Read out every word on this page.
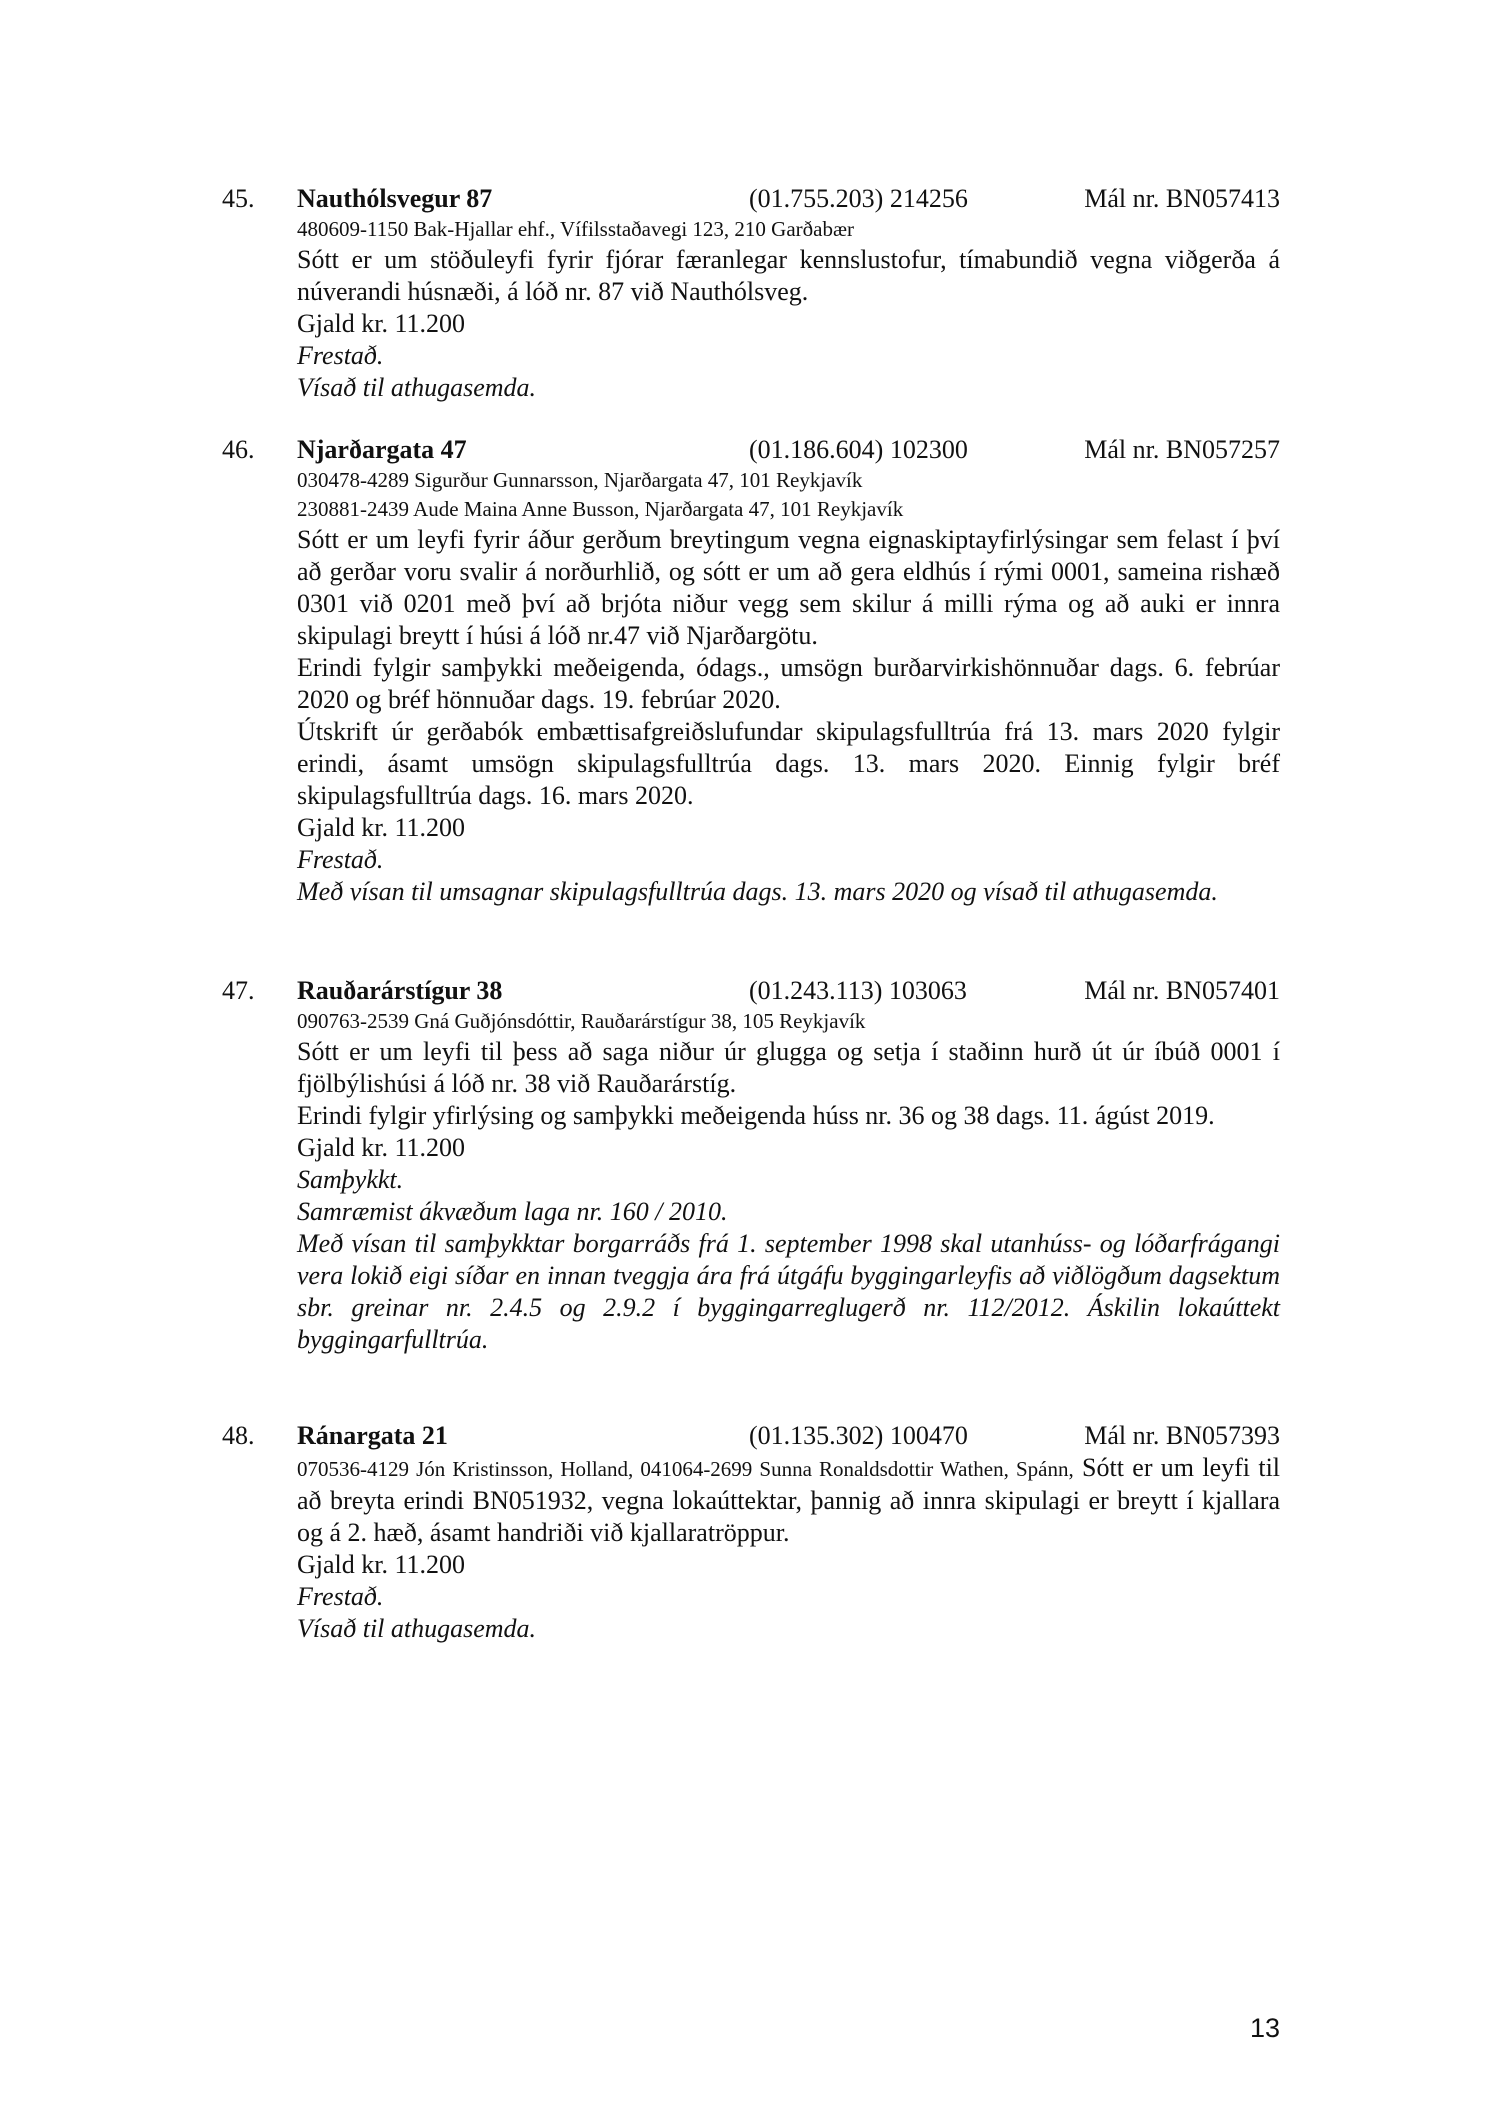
45. Nauthólsvegur 87	(01.755.203) 214256	Mál nr. BN057413
480609-1150 Bak-Hjallar ehf., Vífilsstaðavegi 123, 210 Garðabær
Sótt er um stöðuleyfi fyrir fjórar færanlegar kennslustofur, tímabundið vegna viðgerða á núverandi húsnæði, á lóð nr. 87 við Nauthólsveg.
Gjald kr. 11.200
Frestað.
Vísað til athugasemda.
46. Njarðargata 47	(01.186.604) 102300	Mál nr. BN057257
030478-4289 Sigurður Gunnarsson, Njarðargata 47, 101 Reykjavík
230881-2439 Aude Maina Anne Busson, Njarðargata 47, 101 Reykjavík
Sótt er um leyfi fyrir áður gerðum breytingum vegna eignaskiptayfirlýsingar sem felast í því að gerðar voru svalir á norðurhlið, og sótt er um að gera eldhús í rými 0001, sameina rishæð 0301 við 0201 með því að brjóta niður vegg sem skilur á milli rýma og að auki er innra skipulagi breytt í húsi á lóð nr.47 við Njarðargötu.
Erindi fylgir samþykki meðeigenda, ódags., umsögn burðarvirkishönnuðar dags. 6. febrúar 2020 og bréf hönnuðar dags. 19. febrúar 2020.
Útskrift úr gerðabók embættisafgreiðslufundar skipulagsfulltrúa frá 13. mars 2020 fylgir erindi, ásamt umsögn skipulagsfulltrúa dags. 13. mars 2020. Einnig fylgir bréf skipulagsfulltrúa dags. 16. mars 2020.
Gjald kr. 11.200
Frestað.
Með vísan til umsagnar skipulagsfulltrúa dags. 13. mars 2020 og vísað til athugasemda.
47. Rauðarárstígur 38	(01.243.113) 103063	Mál nr. BN057401
090763-2539 Gná Guðjónsdóttir, Rauðarárstígur 38, 105 Reykjavík
Sótt er um leyfi til þess að saga niður úr glugga og setja í staðinn hurð út úr íbúð 0001 í fjölbýlishúsi á lóð nr. 38 við Rauðarárstíg.
Erindi fylgir yfirlýsing og samþykki meðeigenda húss nr. 36 og 38 dags. 11. ágúst 2019.
Gjald kr. 11.200
Samþykkt.
Samræmist ákvæðum laga nr. 160 / 2010.
Með vísan til samþykktar borgarráðs frá 1. september 1998 skal utanhúss- og lóðarfrágangi vera lokið eigi síðar en innan tveggja ára frá útgáfu byggingarleyfis að viðlögðum dagsektum sbr. greinar nr. 2.4.5 og 2.9.2 í byggingarreglugerð nr. 112/2012. Áskilin lokaúttekt byggingarfulltrúa.
48. Ránargata 21	(01.135.302) 100470	Mál nr. BN057393
070536-4129 Jón Kristinsson, Holland, 041064-2699 Sunna Ronaldsdottir Wathen, Spánn, Sótt er um leyfi til að breyta erindi BN051932, vegna lokaúttektar, þannig að innra skipulagi er breytt í kjallara og á 2. hæð, ásamt handriði við kjallaratröppur.
Gjald kr. 11.200
Frestað.
Vísað til athugasemda.
13
